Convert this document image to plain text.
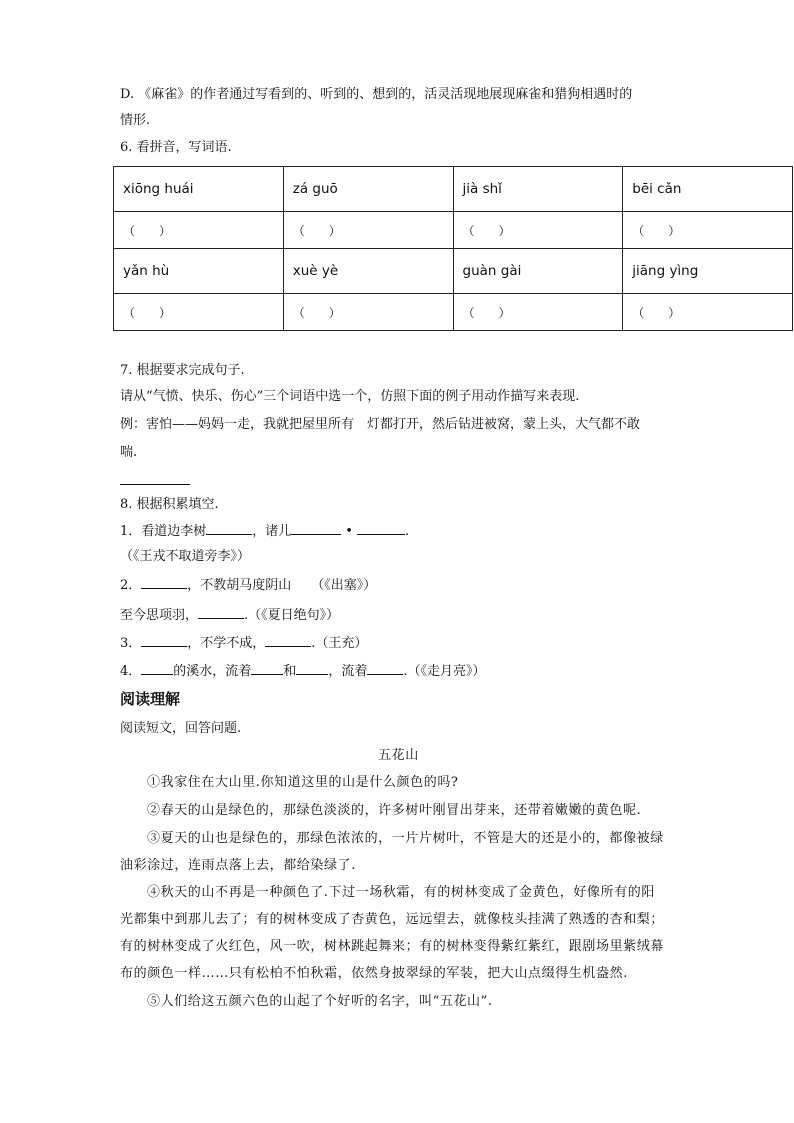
D. 《麻雀》的作者通过写看到的、听到的、想到的，活灵活现地展现麻雀和猎狗相遇时的
情形.
6. 看拼音，写词语.
xiōng huái	zá guō	jià shǐ	bēi cǎn
（　　）	（　　）	（　　）	（　　）
yǎn hù	xuè yè	guàn gài	jiāng yìng
（　　）	（　　）	（　　）	（　　）
7. 根据要求完成句子.
请从“气愤、快乐、伤心”三个词语中选一个，仿照下面的例子用动作描写来表现.
例：害怕——妈妈一走，我就把屋里所有　灯都打开，然后钻进被窝，蒙上头，大气都不敢
喘.
8. 根据积累填空.
1．看道边李树	，诸儿	•	.
（《王戎不取道旁李》）
2．	，不教胡马度阴山 （《出塞》）
至今思项羽，	.（《夏日绝句》）
3．	，不学不成，	.（王充）
4． 的溪水，流着 和 ，流着	.（《走月亮》）
阅读理解
阅读短文，回答问题.
五花山
①我家住在大山里.你知道这里的山是什么颜色的吗?
②春天的山是绿色的，那绿色淡淡的，许多树叶刚冒出芽来，还带着嫩嫩的黄色呢.
③夏天的山也是绿色的，那绿色浓浓的，一片片树叶，不管是大的还是小的，都像被绿
油彩涂过，连雨点落上去，都给染绿了.
④秋天的山不再是一种颜色了.下过一场秋霜，有的树林变成了金黄色，好像所有的阳
光都集中到那儿去了；有的树林变成了杏黄色，远远望去，就像枝头挂满了熟透的杏和梨；
有的树林变成了火红色，风一吹，树林跳起舞来；有的树林变得紫红紫红，跟剧场里紫绒幕
布的颜色一样……只有松柏不怕秋霜，依然身披翠绿的军装，把大山点缀得生机盎然.
⑤人们给这五颜六色的山起了个好听的名字，叫“五花山”.
